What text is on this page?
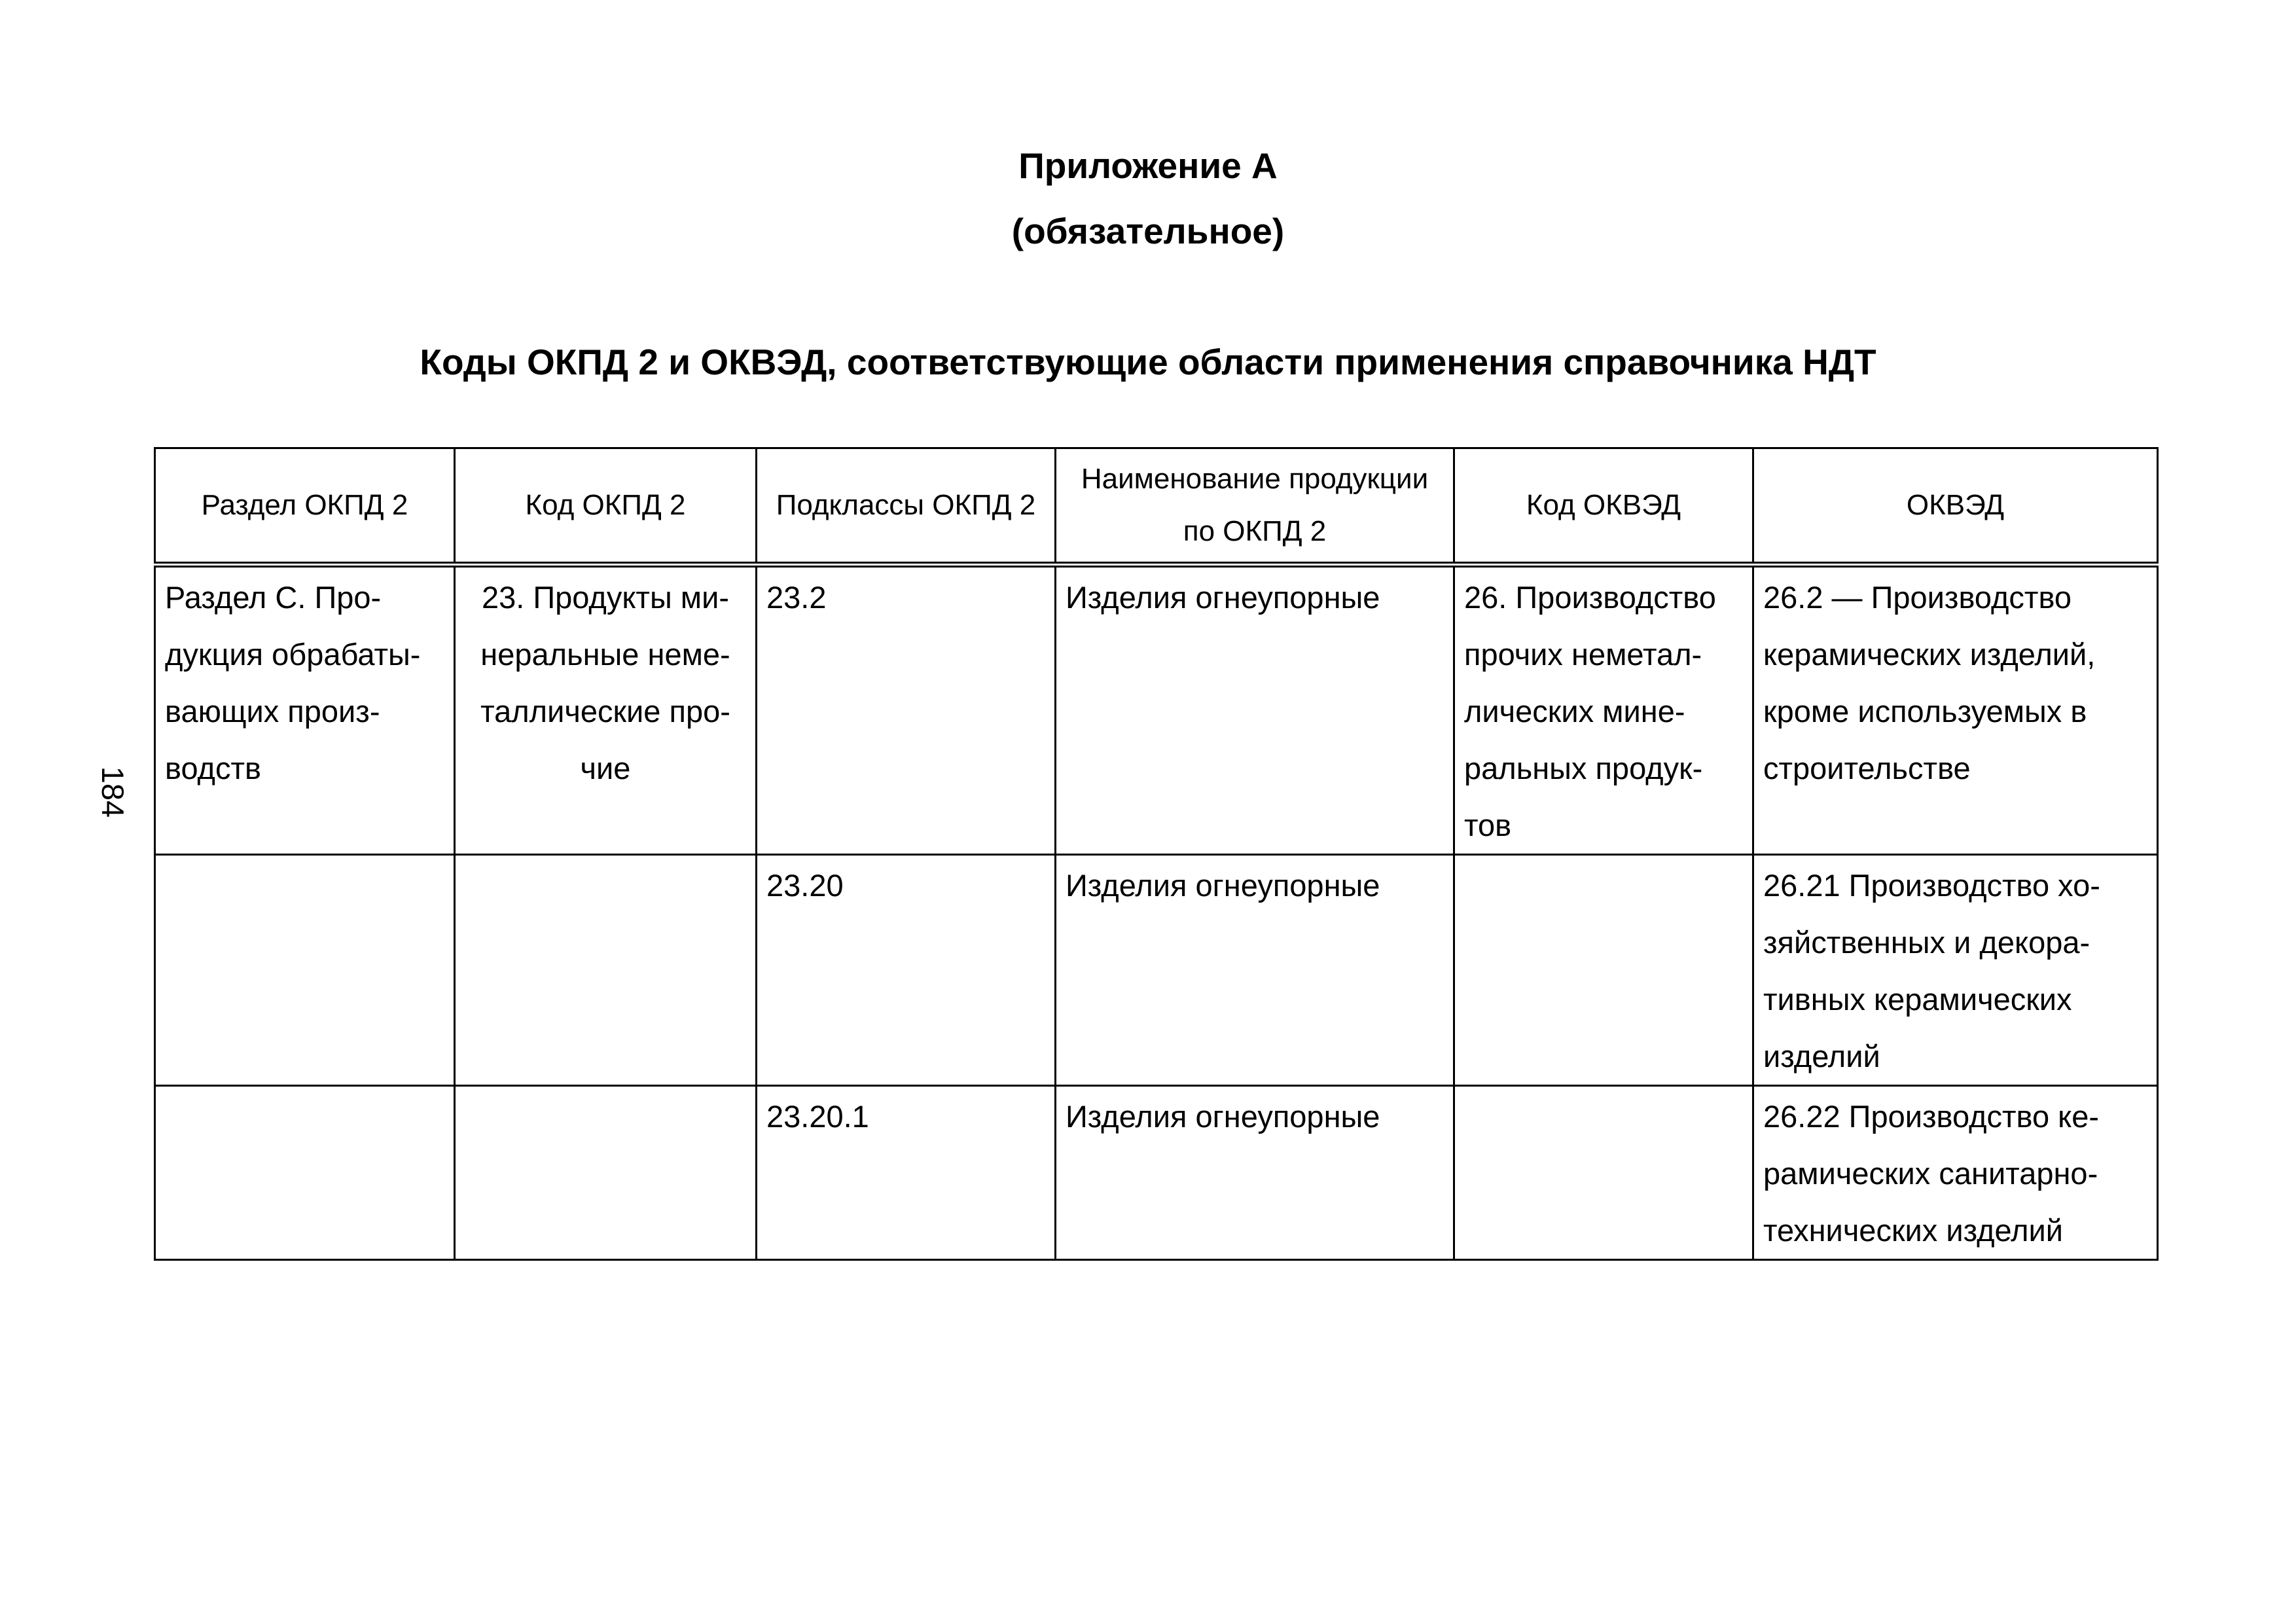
184
Приложение А
(обязательное)
Коды ОКПД 2 и ОКВЭД, соответствующие области применения справочника НДТ
Раздел ОКПД 2	Код ОКПД 2	Подклассы ОКПД 2	Наименование продукции
по ОКПД 2	Код ОКВЭД	ОКВЭД

Раздел С. Про-
дукция обрабаты-
вающих произ-
водств	23. Продукты ми-
неральные неме-
таллические про-
чие	23.2	Изделия огнеупорные	26. Производство
прочих неметал-
лических мине-
ральных продук-
тов	26.2 — Производство
керамических изделий,
кроме используемых в
строительстве

		23.20	Изделия огнеупорные		26.21 Производство хо-
зяйственных и декора-
тивных керамических
изделий

		23.20.1	Изделия огнеупорные		26.22 Производство ке-
рамических санитарно-
технических изделий
